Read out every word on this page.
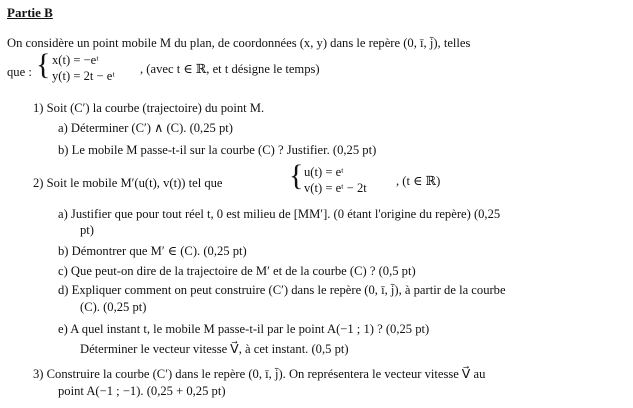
Partie B
On considère un point mobile M du plan, de coordonnées (x, y) dans le repère (0, ī, j̄), telles
que : { x(t) = −eᵗ
y(t) = 2t − eᵗ , (avec t ∈ ℝ, et t désigne le temps)
1) Soit (C′) la courbe (trajectoire) du point M.
a) Déterminer (C′) ∧ (C). (0,25 pt)
b) Le mobile M passe-t-il sur la courbe (C) ? Justifier. (0,25 pt)
2) Soit le mobile M′(u(t), v(t)) tel que { u(t) = eᵗ
v(t) = eᵗ − 2t , (t ∈ ℝ)
a) Justifier que pour tout réel t, 0 est milieu de [MM′]. (0 étant l'origine du repère) (0,25
pt)
b) Démontrer que M′ ∈ (C). (0,25 pt)
c) Que peut-on dire de la trajectoire de M′ et de la courbe (C) ? (0,5 pt)
d) Expliquer comment on peut construire (C′) dans le repère (0, ī, j̄), à partir de la courbe
(C). (0,25 pt)
e) A quel instant t, le mobile M passe-t-il par le point A(−1 ; 1) ? (0,25 pt)
Déterminer le vecteur vitesse V⃗, à cet instant. (0,5 pt)
3) Construire la courbe (C′) dans le repère (0, ī, j̄). On représentera le vecteur vitesse V⃗ au
point A(−1 ; −1). (0,25 + 0,25 pt)
